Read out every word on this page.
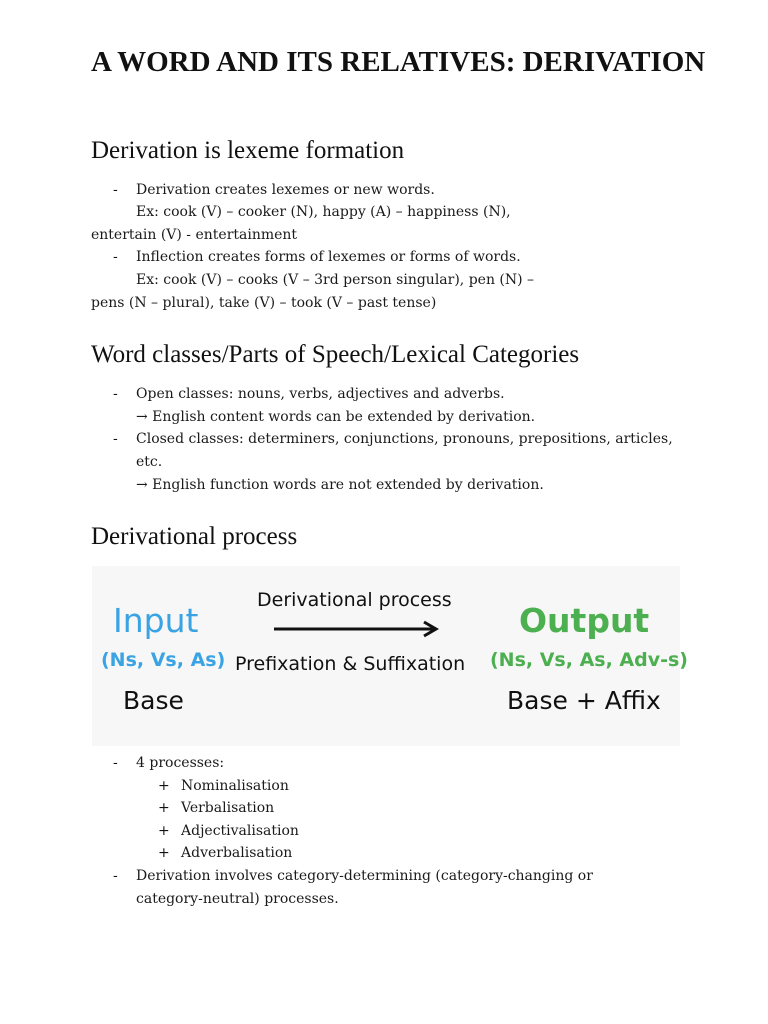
A WORD AND ITS RELATIVES: DERIVATION
Derivation is lexeme formation
- Derivation creates lexemes or new words.
Ex: cook (V) – cooker (N), happy (A) – happiness (N),
entertain (V) - entertainment
- Inflection creates forms of lexemes or forms of words.
Ex: cook (V) – cooks (V – 3rd person singular), pen (N) –
pens (N – plural), take (V) – took (V – past tense)
Word classes/Parts of Speech/Lexical Categories
- Open classes: nouns, verbs, adjectives and adverbs.
→ English content words can be extended by derivation.
- Closed classes: determiners, conjunctions, pronouns, prepositions, articles,
etc.
→ English function words are not extended by derivation.
Derivational process
Input
(Ns, Vs, As)
Base
Derivational process
Prefixation & Suffixation
Output
(Ns, Vs, As, Adv-s)
Base + Affix
- 4 processes:
+ Nominalisation
+ Verbalisation
+ Adjectivalisation
+ Adverbalisation
- Derivation involves category-determining (category-changing or
category-neutral) processes.
